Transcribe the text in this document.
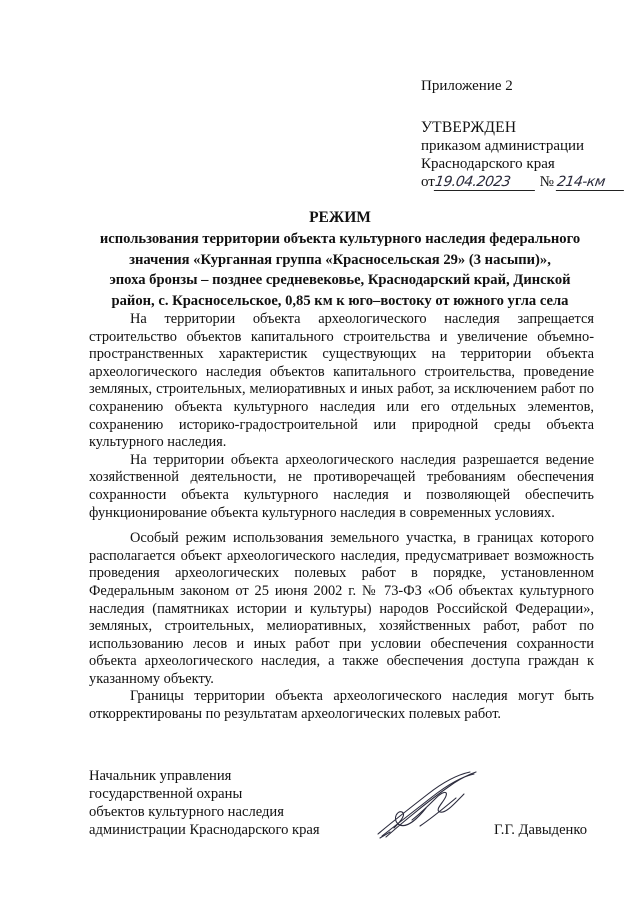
Приложение 2
УТВЕРЖДЕН
приказом администрации
Краснодарского края
от19.04.2023 № 214-км
РЕЖИМ
использования территории объекта культурного наследия федерального
значения «Курганная группа «Красносельская 29» (3 насыпи)»,
эпоха бронзы – позднее средневековье, Краснодарский край, Динской
район, с. Красносельское, 0,85 км к юго–востоку от южного угла села

На территории объекта археологического наследия запрещается строительство объектов капитального строительства и увеличение объемно-пространственных характеристик существующих на территории объекта археологического наследия объектов капитального строительства, проведение земляных, строительных, мелиоративных и иных работ, за исключением работ по сохранению объекта культурного наследия или его отдельных элементов, сохранению историко-градостроительной или природной среды объекта культурного наследия.

На территории объекта археологического наследия разрешается ведение хозяйственной деятельности, не противоречащей требованиям обеспечения сохранности объекта культурного наследия и позволяющей обеспечить функционирование объекта культурного наследия в современных условиях.

Особый режим использования земельного участка, в границах которого располагается объект археологического наследия, предусматривает возможность проведения археологических полевых работ в порядке, установленном Федеральным законом от 25 июня 2002 г. № 73-ФЗ «Об объектах культурного наследия (памятниках истории и культуры) народов Российской Федерации», земляных, строительных, мелиоративных, хозяйственных работ, работ по использованию лесов и иных работ при условии обеспечения сохранности объекта археологического наследия, а также обеспечения доступа граждан к указанному объекту.

Границы территории объекта археологического наследия могут быть откорректированы по результатам археологических полевых работ.

Начальник управления
государственной охраны
объектов культурного наследия
администрации Краснодарского края	Г.Г. Давыденко
